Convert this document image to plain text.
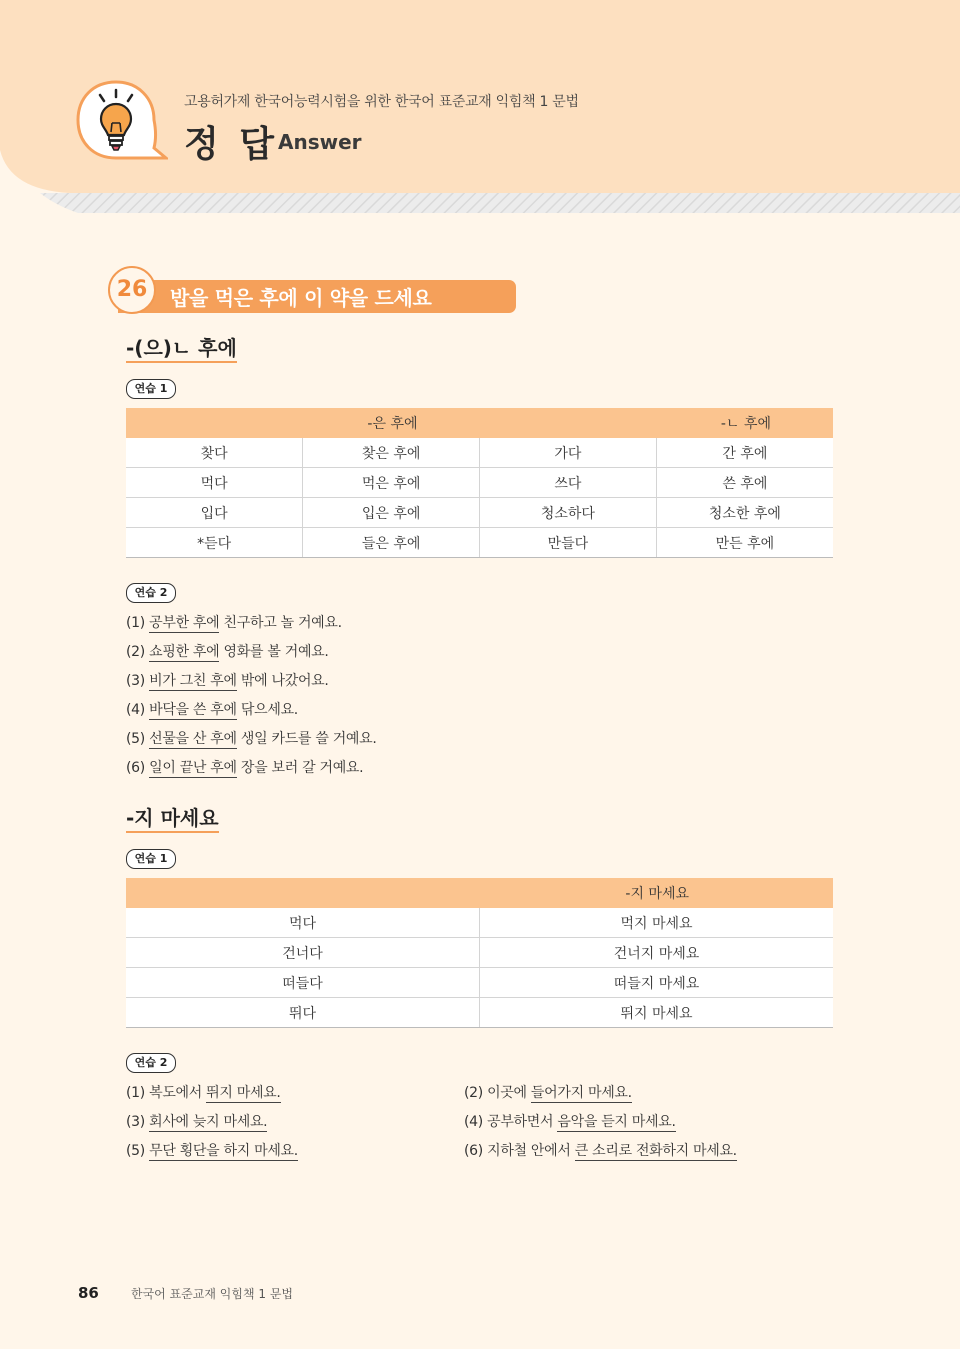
고용허가제 한국어능력시험을 위한 한국어 표준교재 익힘책 1 문법
정 답 Answer
26	밥을 먹은 후에 이 약을 드세요
-(으)ㄴ 후에
연습 1
-은 후에		-ㄴ 후에	
찾다	찾은 후에	가다	간 후에
먹다	먹은 후에	쓰다	쓴 후에
입다	입은 후에	청소하다	청소한 후에
*듣다	들은 후에	만들다	만든 후에
연습 2
(1) 공부한 후에 친구하고 놀 거예요.
(2) 쇼핑한 후에 영화를 볼 거예요.
(3) 비가 그친 후에 밖에 나갔어요.
(4) 바닥을 쓴 후에 닦으세요.
(5) 선물을 산 후에 생일 카드를 쓸 거예요.
(6) 일이 끝난 후에 장을 보러 갈 거예요.
-지 마세요
연습 1
-지 마세요	
먹다	먹지 마세요
건너다	건너지 마세요
떠들다	떠들지 마세요
뛰다	뛰지 마세요
연습 2
(1) 복도에서 뛰지 마세요.	(2) 이곳에 들어가지 마세요.
(3) 회사에 늦지 마세요.	(4) 공부하면서 음악을 듣지 마세요.
(5) 무단 횡단을 하지 마세요.	(6) 지하철 안에서 큰 소리로 전화하지 마세요.
86	한국어 표준교재 익힘책 1 문법
